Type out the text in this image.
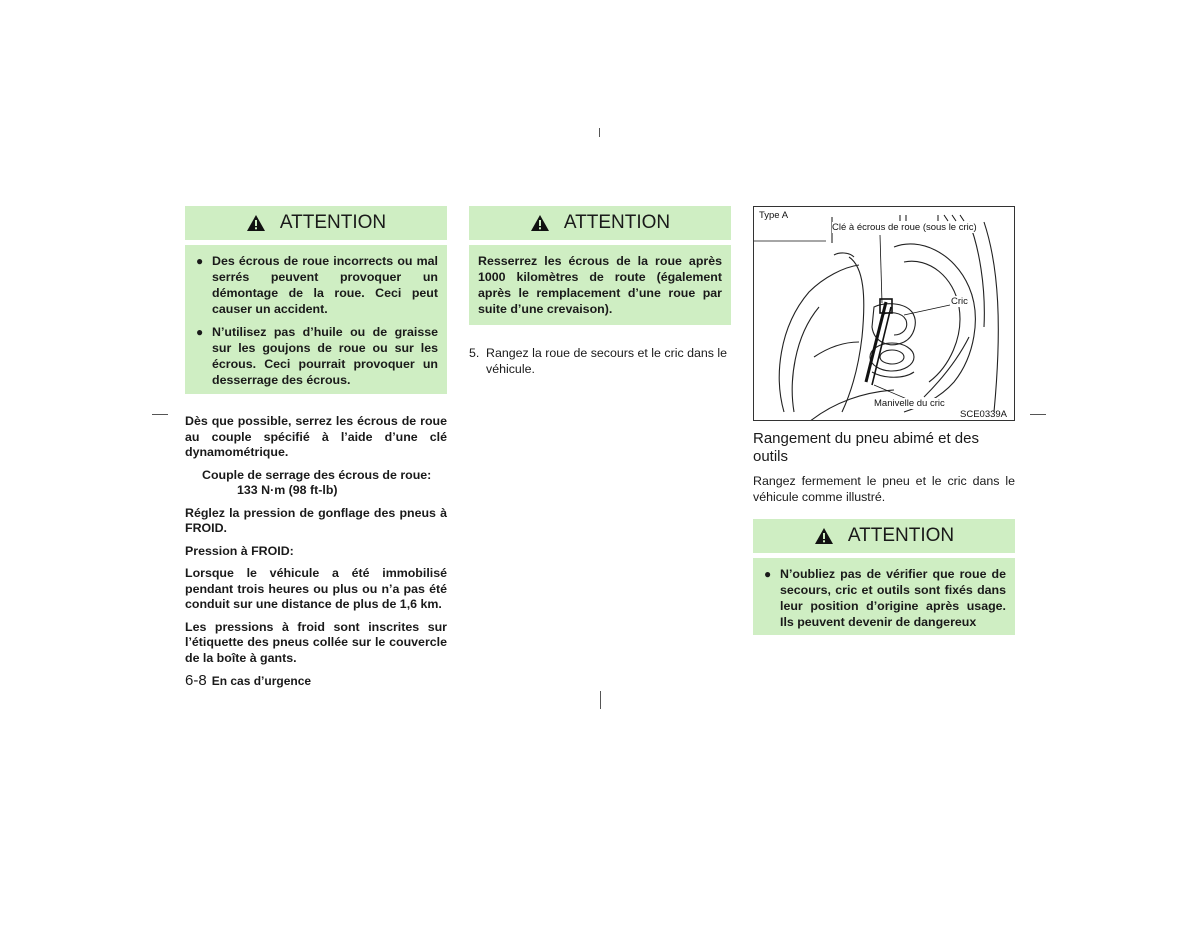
ATTENTION
● Des écrous de roue incorrects ou mal serrés peuvent provoquer un démontage de la roue. Ceci peut causer un accident.
● N’utilisez pas d’huile ou de graisse sur les goujons de roue ou sur les écrous. Ceci pourrait provoquer un desserrage des écrous.

Dès que possible, serrez les écrous de roue au couple spécifié à l’aide d’une clé dynamométrique.

Couple de serrage des écrous de roue:

133 N·m (98 ft-lb)

Réglez la pression de gonflage des pneus à FROID.

Pression à FROID:

Lorsque le véhicule a été immobilisé pendant trois heures ou plus ou n’a pas été conduit sur une distance de plus de 1,6 km.

Les pressions à froid sont inscrites sur l’étiquette des pneus collée sur le couvercle de la boîte à gants.

6-8 En cas d’urgence
ATTENTION

Resserrez les écrous de la roue après 1000 kilomètres de route (également après le remplacement d’une roue par suite d’une crevaison).

5. Rangez la roue de secours et le cric dans le véhicule.
Type A
Clé à écrous de roue (sous le cric)
Cric
Manivelle du cric
SCE0339A

Rangement du pneu abimé et des outils

Rangez fermement le pneu et le cric dans le véhicule comme illustré.

ATTENTION
● N’oubliez pas de vérifier que roue de secours, cric et outils sont fixés dans leur position d’origine après usage. Ils peuvent devenir de dangereux
